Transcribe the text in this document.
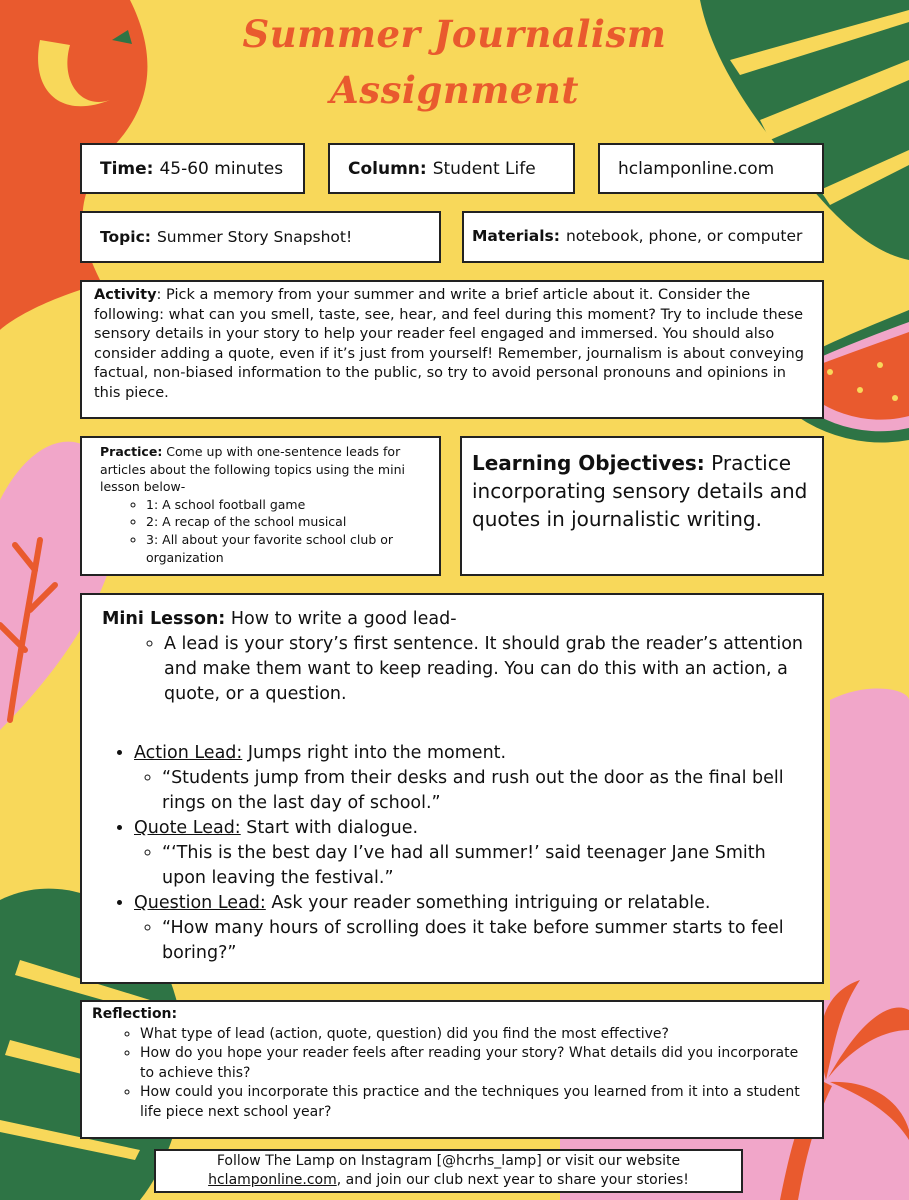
Summer Journalism
Assignment
Time: 45-60 minutes	Column: Student Life	hclamponline.com
Topic: Summer Story Snapshot!	Materials: notebook, phone, or computer
Activity: Pick a memory from your summer and write a brief article about it. Consider the following: what can you smell, taste, see, hear, and feel during this moment? Try to include these sensory details in your story to help your reader feel engaged and immersed. You should also consider adding a quote, even if it’s just from yourself! Remember, journalism is about conveying factual, non-biased information to the public, so try to avoid personal pronouns and opinions in this piece.
Practice: Come up with one-sentence leads for articles about the following topics using the mini lesson below-
◦ 1: A school football game
◦ 2: A recap of the school musical
◦ 3: All about your favorite school club or organization
Learning Objectives: Practice incorporating sensory details and quotes in journalistic writing.
Mini Lesson: How to write a good lead-
◦ A lead is your story’s first sentence. It should grab the reader’s attention and make them want to keep reading. You can do this with an action, a quote, or a question.
• Action Lead: Jumps right into the moment.
◦ “Students jump from their desks and rush out the door as the final bell rings on the last day of school.”
• Quote Lead: Start with dialogue.
◦ “‘This is the best day I’ve had all summer!’ said teenager Jane Smith upon leaving the festival.”
• Question Lead: Ask your reader something intriguing or relatable.
◦ “How many hours of scrolling does it take before summer starts to feel boring?”
Reflection:
◦ What type of lead (action, quote, question) did you find the most effective?
◦ How do you hope your reader feels after reading your story? What details did you incorporate to achieve this?
◦ How could you incorporate this practice and the techniques you learned from it into a student life piece next school year?
Follow The Lamp on Instagram [@hcrhs_lamp] or visit our website
hclamponline.com, and join our club next year to share your stories!
